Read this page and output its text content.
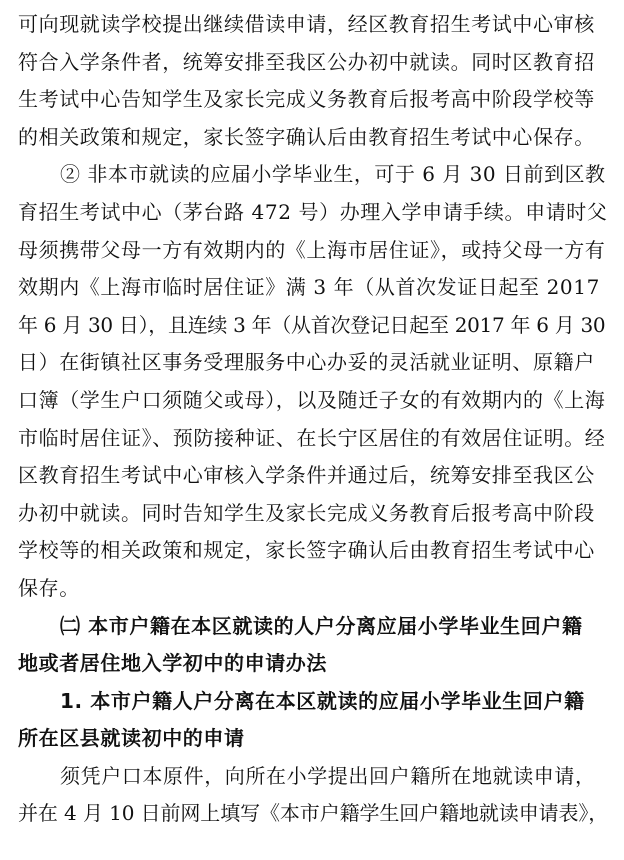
可向现就读学校提出继续借读申请，经区教育招生考试中心审核
符合入学条件者，统筹安排至我区公办初中就读。同时区教育招
生考试中心告知学生及家长完成义务教育后报考高中阶段学校等
的相关政策和规定，家长签字确认后由教育招生考试中心保存。
② 非本市就读的应届小学毕业生，可于 6 月 30 日前到区教
育招生考试中心（茅台路 472 号）办理入学申请手续。申请时父
母须携带父母一方有效期内的《上海市居住证》，或持父母一方有
效期内《上海市临时居住证》满 3 年（从首次发证日起至 2017
年 6 月 30 日），且连续 3 年（从首次登记日起至 2017 年 6 月 30
日）在街镇社区事务受理服务中心办妥的灵活就业证明、原籍户
口簿（学生户口须随父或母），以及随迁子女的有效期内的《上海
市临时居住证》、预防接种证、在长宁区居住的有效居住证明。经
区教育招生考试中心审核入学条件并通过后，统筹安排至我区公
办初中就读。同时告知学生及家长完成义务教育后报考高中阶段
学校等的相关政策和规定，家长签字确认后由教育招生考试中心
保存。
㈡ 本市户籍在本区就读的人户分离应届小学毕业生回户籍
地或者居住地入学初中的申请办法
1. 本市户籍人户分离在本区就读的应届小学毕业生回户籍
所在区县就读初中的申请
须凭户口本原件，向所在小学提出回户籍所在地就读申请，
并在 4 月 10 日前网上填写《本市户籍学生回户籍地就读申请表》，
